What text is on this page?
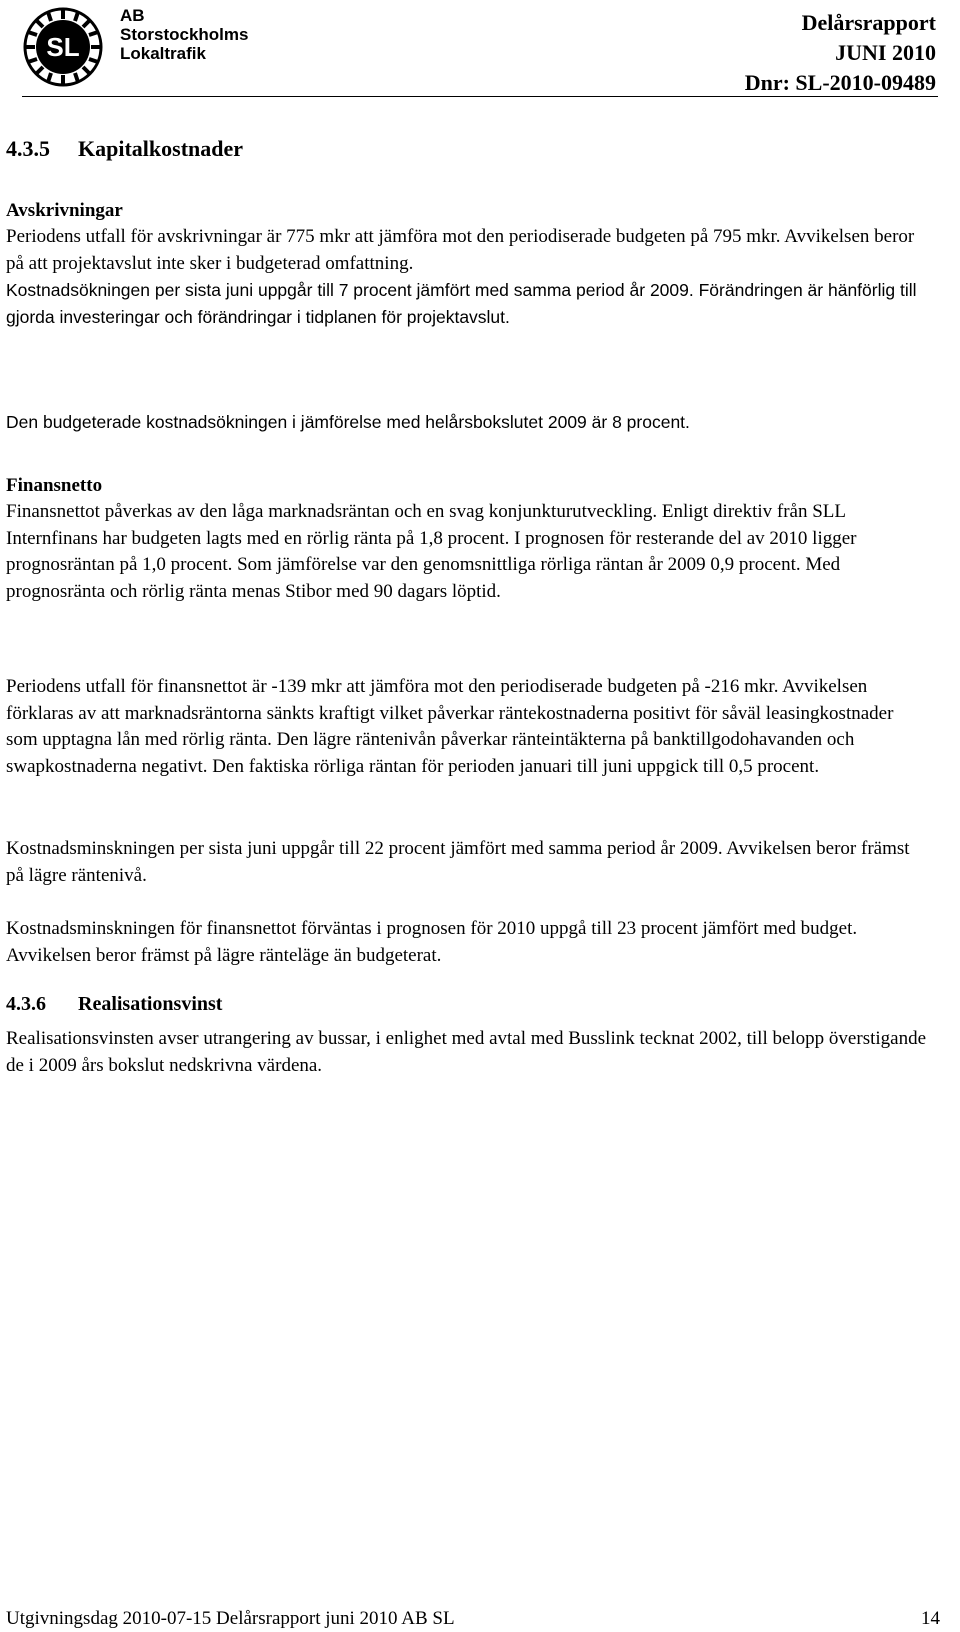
SL
AB
Storstockholms
Lokaltrafik
Delårsrapport
JUNI 2010
Dnr: SL-2010-09489
4.3.5 Kapitalkostnader
Avskrivningar

Periodens utfall för avskrivningar är 775 mkr att jämföra mot den periodiserade budgeten på 795 mkr. Avvikelsen beror på att projektavslut inte sker i budgeterad omfattning.

Kostnadsökningen per sista juni uppgår till 7 procent jämfört med samma period år 2009. Förändringen är hänförlig till gjorda investeringar och förändringar i tidplanen för projektavslut.

Den budgeterade kostnadsökningen i jämförelse med helårsbokslutet 2009 är 8 procent.

Finansnetto

Finansnettot påverkas av den låga marknadsräntan och en svag konjunkturutveckling. Enligt direktiv från SLL Internfinans har budgeten lagts med en rörlig ränta på 1,8 procent. I prognosen för resterande del av 2010 ligger prognosräntan på 1,0 procent. Som jämförelse var den genomsnittliga rörliga räntan år 2009 0,9 procent. Med prognosränta och rörlig ränta menas Stibor med 90 dagars löptid.

Periodens utfall för finansnettot är -139 mkr att jämföra mot den periodiserade budgeten på -216 mkr. Avvikelsen förklaras av att marknadsräntorna sänkts kraftigt vilket påverkar räntekostnaderna positivt för såväl leasingkostnader som upptagna lån med rörlig ränta. Den lägre räntenivån påverkar ränteintäkterna på banktillgodohavanden och swapkostnaderna negativt. Den faktiska rörliga räntan för perioden januari till juni uppgick till 0,5 procent.

Kostnadsminskningen per sista juni uppgår till 22 procent jämfört med samma period år 2009. Avvikelsen beror främst på lägre räntenivå.

Kostnadsminskningen för finansnettot förväntas i prognosen för 2010 uppgå till 23 procent jämfört med budget. Avvikelsen beror främst på lägre ränteläge än budgeterat.

4.3.6 Realisationsvinst

Realisationsvinsten avser utrangering av bussar, i enlighet med avtal med Busslink tecknat 2002, till belopp överstigande de i 2009 års bokslut nedskrivna värdena.

Utgivningsdag 2010-07-15 Delårsrapport juni 2010 AB SL	14
